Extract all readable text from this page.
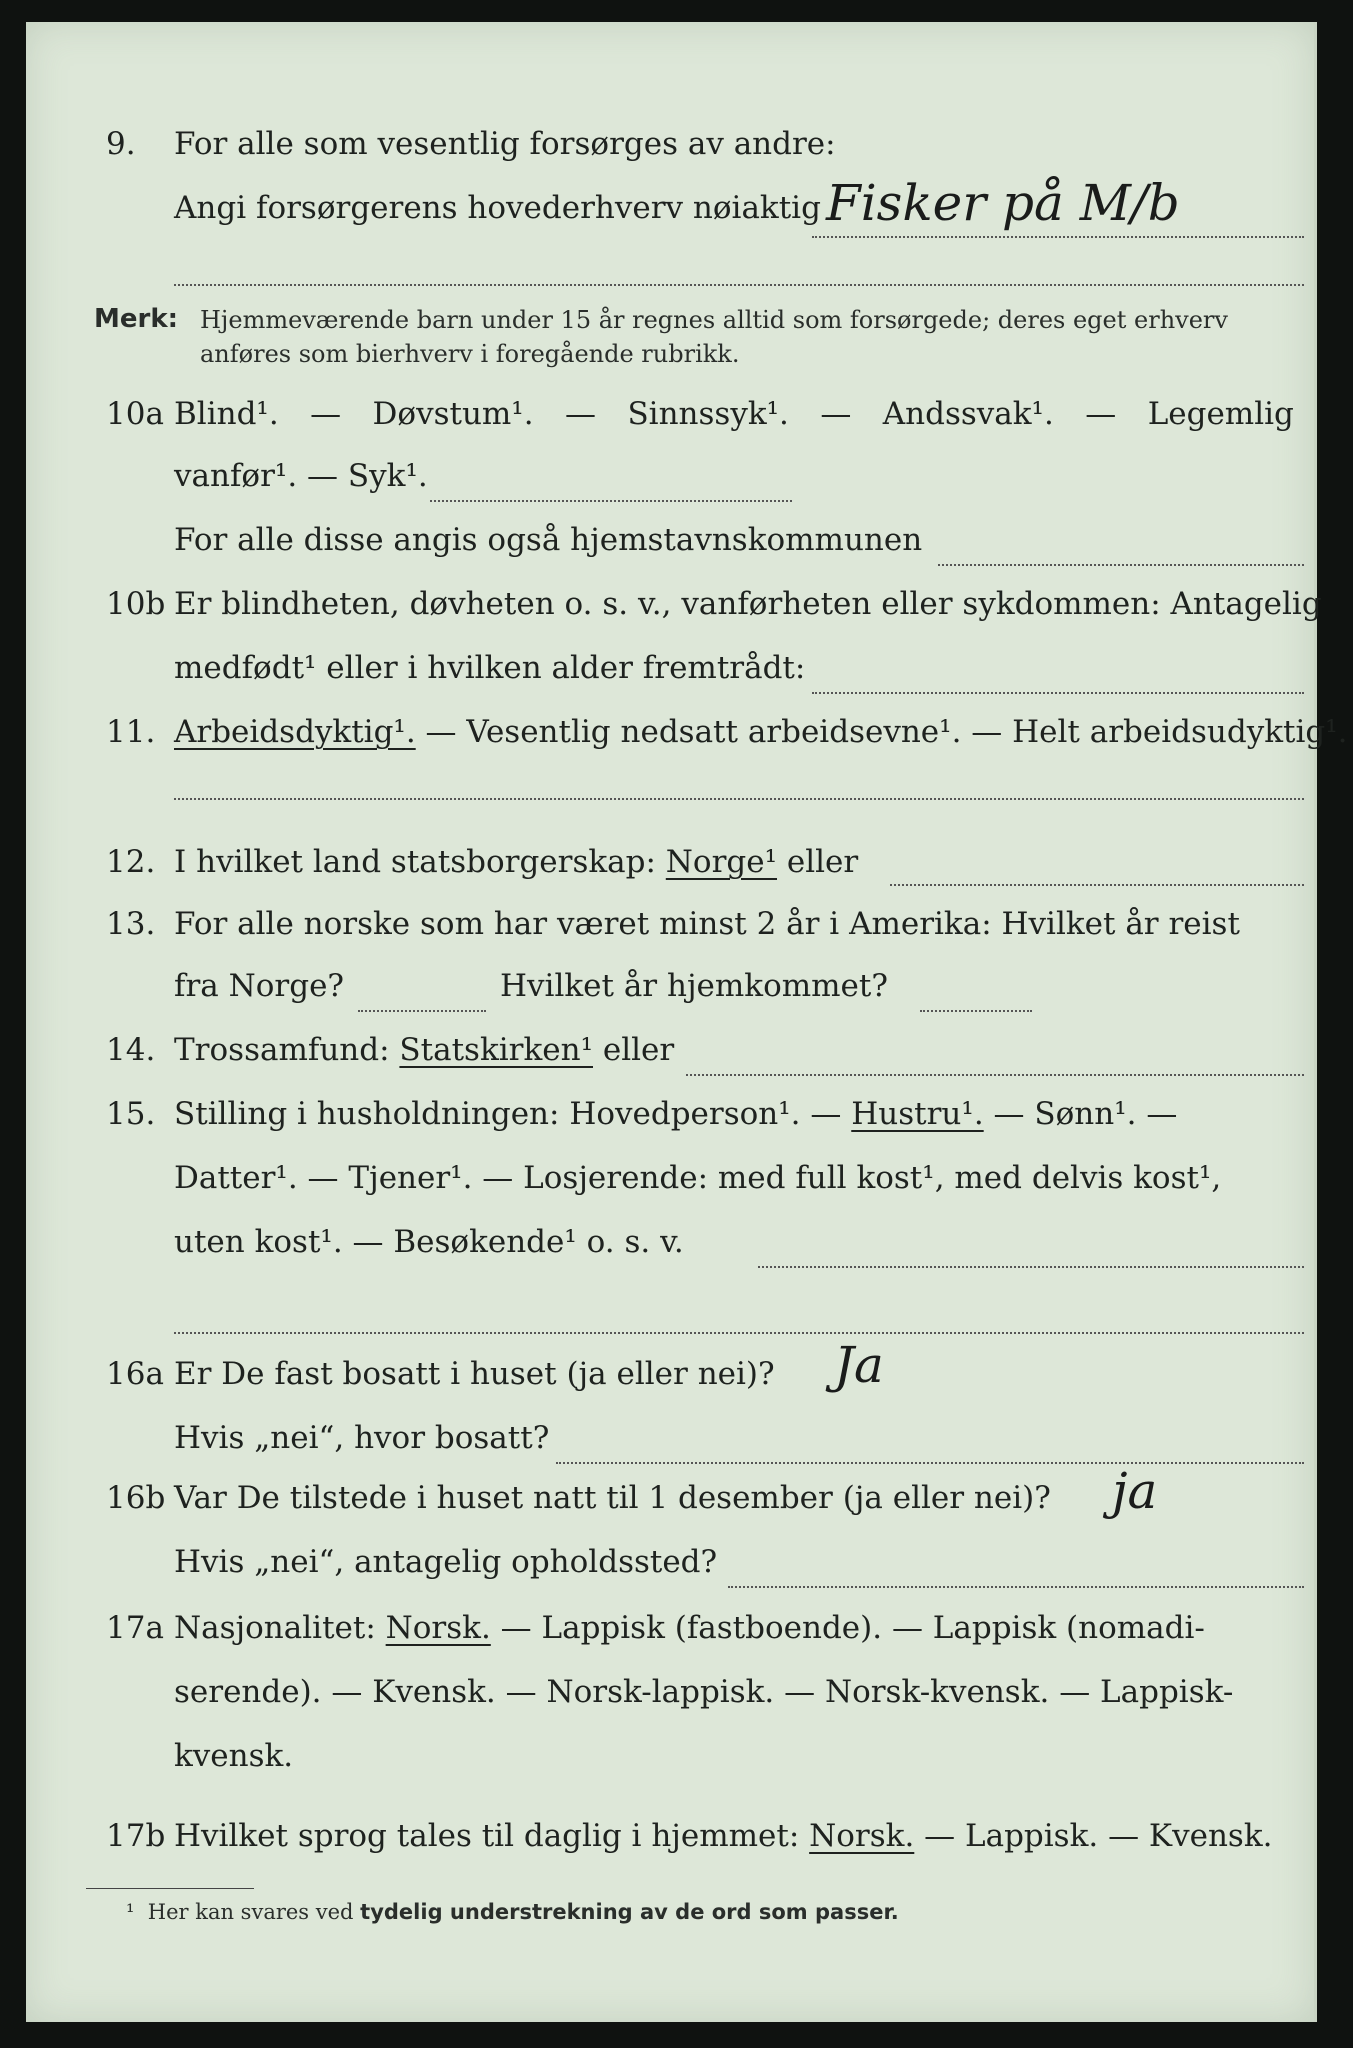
9. For alle som vesentlig forsørges av andre:
Angi forsørgerens hovederhverv nøiaktig Fisker på M/b
Merk: Hjemmeværende barn under 15 år regnes alltid som forsørgede; deres eget erhverv
anføres som bierhverv i foregående rubrikk.
10a Blind¹. — Døvstum¹. — Sinnssyk¹. — Andssvak¹. — Legemlig
vanfør¹. — Syk¹.
For alle disse angis også hjemstavnskommunen
10b Er blindheten, døvheten o. s. v., vanførheten eller sykdommen: Antagelig
medfødt¹ eller i hvilken alder fremtrådt:
11. Arbeidsdyktig¹. — Vesentlig nedsatt arbeidsevne¹. — Helt arbeidsudyktig¹.
12. I hvilket land statsborgerskap: Norge¹ eller
13. For alle norske som har været minst 2 år i Amerika: Hvilket år reist
fra Norge?	Hvilket år hjemkommet?
14. Trossamfund: Statskirken¹ eller
15. Stilling i husholdningen: Hovedperson¹. — Hustru¹. — Sønn¹. —
Datter¹. — Tjener¹. — Losjerende: med full kost¹, med delvis kost¹,
uten kost¹. — Besøkende¹ o. s. v.
16a Er De fast bosatt i huset (ja eller nei)? Ja
Hvis „nei“, hvor bosatt?
16b Var De tilstede i huset natt til 1 desember (ja eller nei)? ja
Hvis „nei“, antagelig opholdssted?
17a Nasjonalitet: Norsk. — Lappisk (fastboende). — Lappisk (nomadi-
serende). — Kvensk. — Norsk-lappisk. — Norsk-kvensk. — Lappisk-
kvensk.
17b Hvilket sprog tales til daglig i hjemmet: Norsk. — Lappisk. — Kvensk.
¹ Her kan svares ved tydelig understrekning av de ord som passer.
